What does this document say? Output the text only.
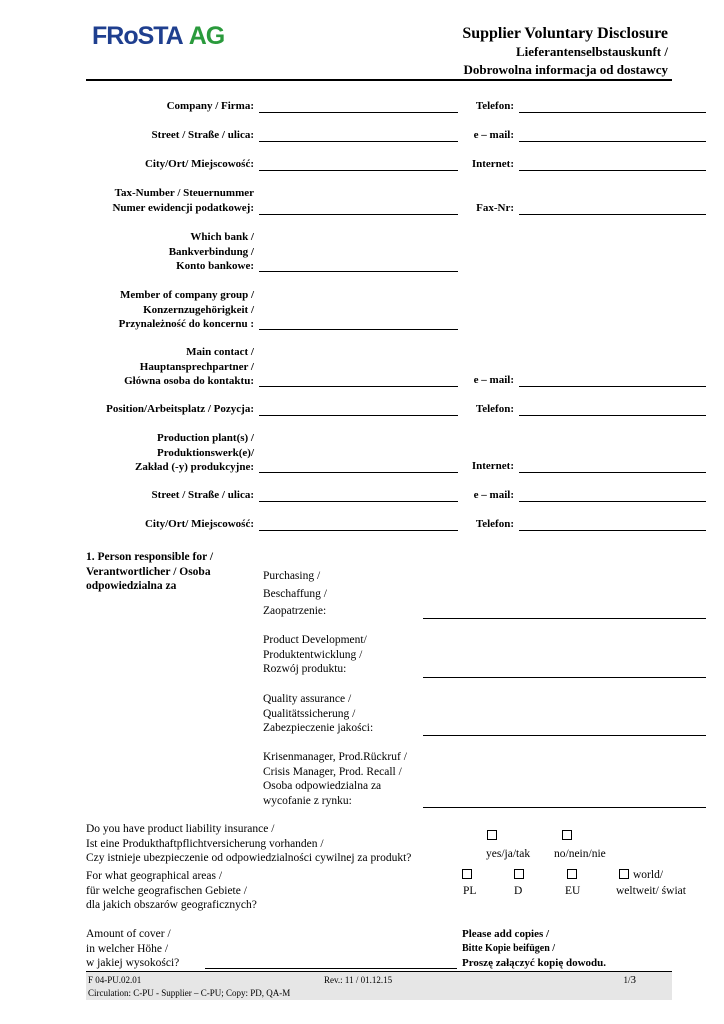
FRoSTA AG	Supplier Voluntary Disclosure
Lieferantenselbstauskunft /
Dobrowolna informacja od dostawcy
Company / Firma:	Telefon:
Street / Straße / ulica:	e – mail:
City/Ort/ Miejscowość:	Internet:
Tax-Number / Steuernummer
Numer ewidencji podatkowej:	Fax-Nr:
Which bank /
Bankverbindung /
Konto bankowe:
Member of company group /
Konzernzugehörigkeit /
Przynależność do koncernu :
Main contact /
Hauptansprechpartner /
Główna osoba do kontaktu:	e – mail:
Position/Arbeitsplatz / Pozycja:	Telefon:
Production plant(s) /
Produktionswerk(e)/
Zakład (-y) produkcyjne:	Internet:
Street / Straße / ulica:	e – mail:
City/Ort/ Miejscowość:	Telefon:
1. Person responsible for /
Verantwortlicher / Osoba
odpowiedzialna za
Purchasing /
Beschaffung /
Zaopatrzenie:
Product Development/
Produktentwicklung /
Rozwój produktu:
Quality assurance /
Qualitätssicherung /
Zabezpieczenie jakości:
Krisenmanager, Prod.Rückruf /
Crisis Manager, Prod. Recall /
Osoba odpowiedzialna za
wycofanie z rynku:
Do you have product liability insurance /
Ist eine Produkthaftpflichtversicherung vorhanden /
Czy istnieje ubezpieczenie od odpowiedzialności cywilnej za produkt?	yes/ja/tak no/nein/nie
For what geographical areas /
für welche geografischen Gebiete /
dla jakich obszarów geograficznych?
PL	D	EU
world/
weltweit/ świat
Amount of cover /
in welcher Höhe /
w jakiej wysokości?
Please add copies /
Bitte Kopie beifügen /
Proszę załączyć kopię dowodu.
F 04-PU.02.01	Rev.: 11 / 01.12.15	1/3
Circulation: C-PU - Supplier – C-PU; Copy: PD, QA-M
